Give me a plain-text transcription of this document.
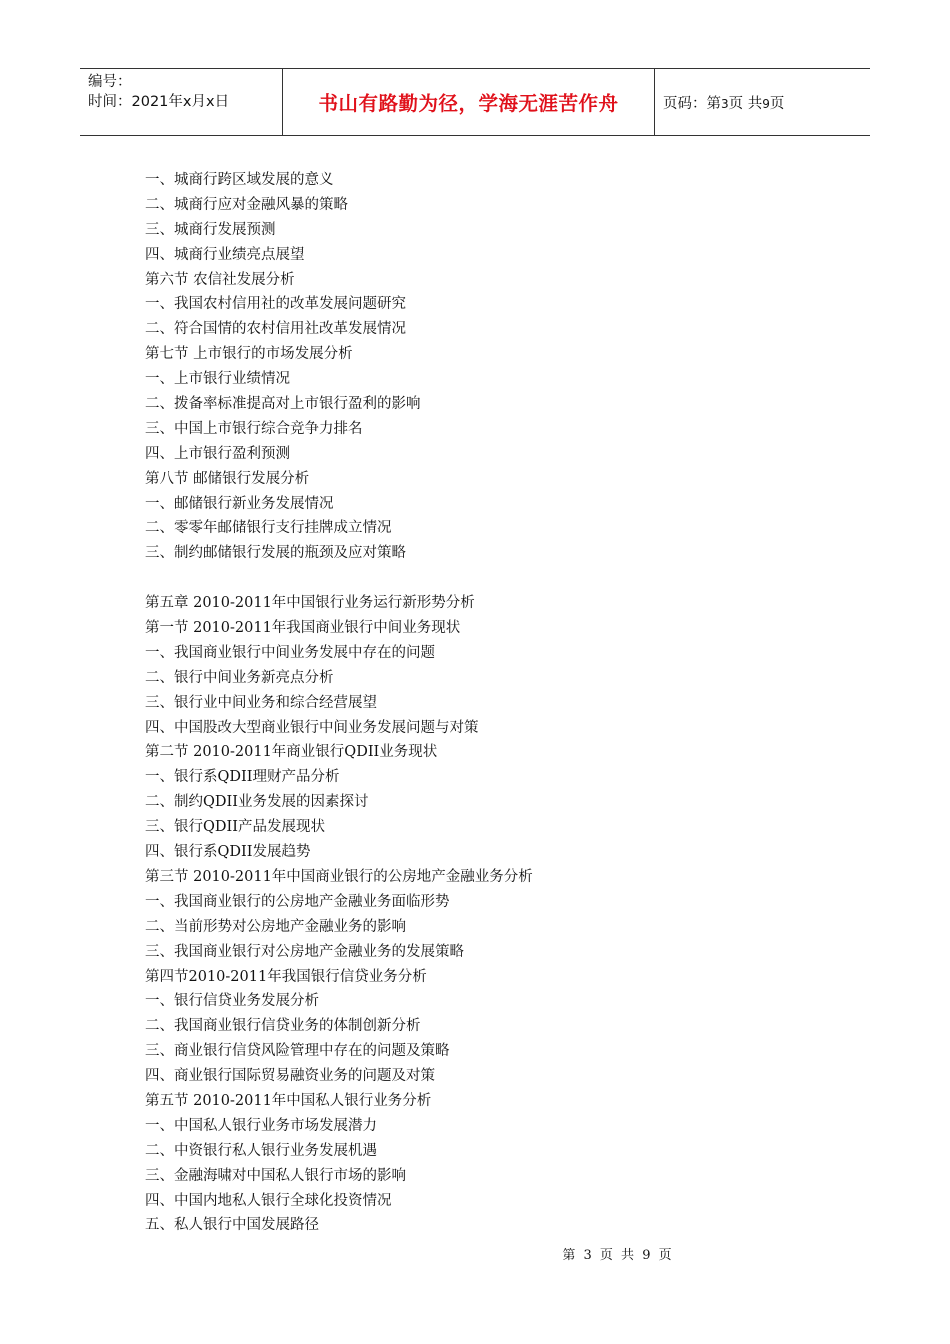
编号：
时间：2021年x月x日	书山有路勤为径，学海无涯苦作舟	页码：第3页 共9页
一、城商行跨区域发展的意义
二、城商行应对金融风暴的策略
三、城商行发展预测
四、城商行业绩亮点展望
第六节 农信社发展分析
一、我国农村信用社的改革发展问题研究
二、符合国情的农村信用社改革发展情况
第七节 上市银行的市场发展分析
一、上市银行业绩情况
二、拨备率标准提高对上市银行盈利的影响
三、中国上市银行综合竞争力排名
四、上市银行盈利预测
第八节 邮储银行发展分析
一、邮储银行新业务发展情况
二、零零年邮储银行支行挂牌成立情况
三、制约邮储银行发展的瓶颈及应对策略
第五章 2010-2011年中国银行业务运行新形势分析
第一节 2010-2011年我国商业银行中间业务现状
一、我国商业银行中间业务发展中存在的问题
二、银行中间业务新亮点分析
三、银行业中间业务和综合经营展望
四、中国股改大型商业银行中间业务发展问题与对策
第二节 2010-2011年商业银行QDII业务现状
一、银行系QDII理财产品分析
二、制约QDII业务发展的因素探讨
三、银行QDII产品发展现状
四、银行系QDII发展趋势
第三节 2010-2011年中国商业银行的公房地产金融业务分析
一、我国商业银行的公房地产金融业务面临形势
二、当前形势对公房地产金融业务的影响
三、我国商业银行对公房地产金融业务的发展策略
第四节2010-2011年我国银行信贷业务分析
一、银行信贷业务发展分析
二、我国商业银行信贷业务的体制创新分析
三、商业银行信贷风险管理中存在的问题及策略
四、商业银行国际贸易融资业务的问题及对策
第五节 2010-2011年中国私人银行业务分析
一、中国私人银行业务市场发展潜力
二、中资银行私人银行业务发展机遇
三、金融海啸对中国私人银行市场的影响
四、中国内地私人银行全球化投资情况
五、私人银行中国发展路径
第 3 页 共 9 页
